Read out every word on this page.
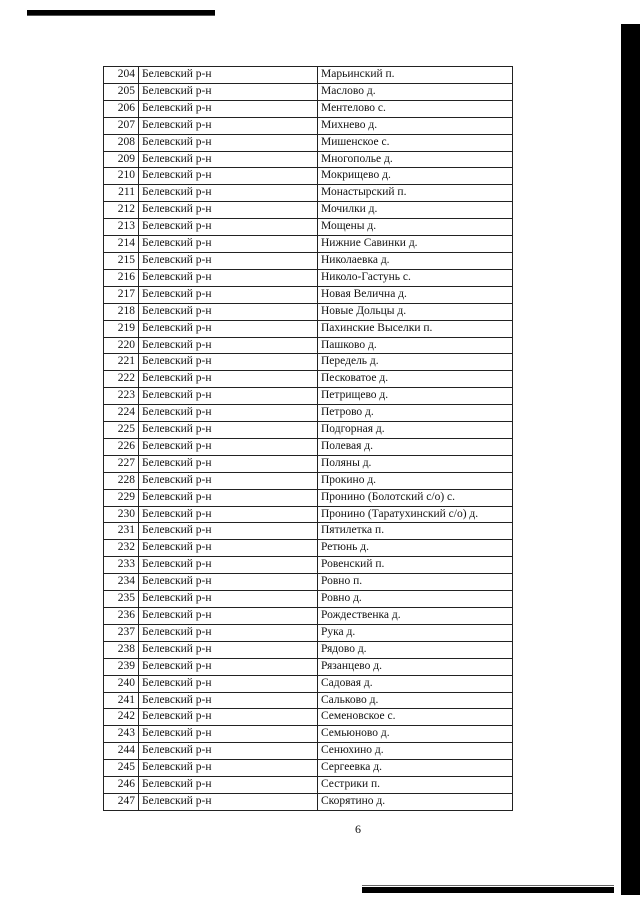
204	Белевский р-н	Марьинский п.
205	Белевский р-н	Маслово д.
206	Белевский р-н	Ментелово с.
207	Белевский р-н	Михнево д.
208	Белевский р-н	Мишенское с.
209	Белевский р-н	Многополье д.
210	Белевский р-н	Мокрищево д.
211	Белевский р-н	Монастырский п.
212	Белевский р-н	Мочилки д.
213	Белевский р-н	Мощены д.
214	Белевский р-н	Нижние Савинки д.
215	Белевский р-н	Николаевка д.
216	Белевский р-н	Николо-Гастунь с.
217	Белевский р-н	Новая Велична д.
218	Белевский р-н	Новые Дольцы д.
219	Белевский р-н	Пахинские Выселки п.
220	Белевский р-н	Пашково д.
221	Белевский р-н	Передель д.
222	Белевский р-н	Песковатое д.
223	Белевский р-н	Петрищево д.
224	Белевский р-н	Петрово д.
225	Белевский р-н	Подгорная д.
226	Белевский р-н	Полевая д.
227	Белевский р-н	Поляны д.
228	Белевский р-н	Прокино д.
229	Белевский р-н	Пронино (Болотский с/о) с.
230	Белевский р-н	Пронино (Таратухинский с/о) д.
231	Белевский р-н	Пятилетка п.
232	Белевский р-н	Ретюнь д.
233	Белевский р-н	Ровенский п.
234	Белевский р-н	Ровно п.
235	Белевский р-н	Ровно д.
236	Белевский р-н	Рождественка д.
237	Белевский р-н	Рука д.
238	Белевский р-н	Рядово д.
239	Белевский р-н	Рязанцево д.
240	Белевский р-н	Садовая д.
241	Белевский р-н	Сальково д.
242	Белевский р-н	Семеновское с.
243	Белевский р-н	Семьюново д.
244	Белевский р-н	Сенюхино д.
245	Белевский р-н	Сергеевка д.
246	Белевский р-н	Сестрики п.
247	Белевский р-н	Скорятино д.
6
